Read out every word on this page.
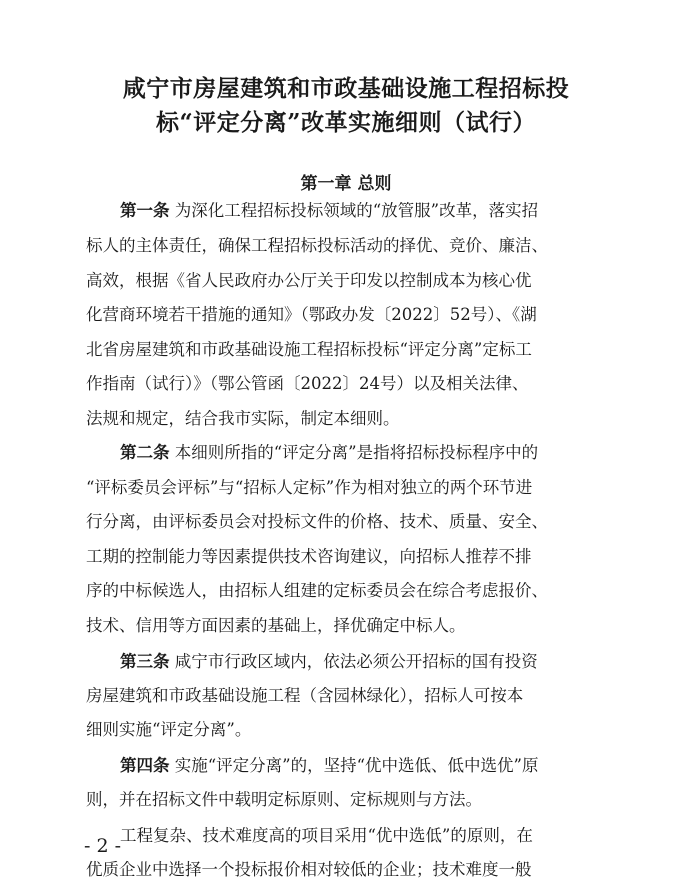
咸宁市房屋建筑和市政基础设施工程招标投
标“评定分离”改革实施细则（试行）
第一章 总则
第一条 为深化工程招标投标领域的“放管服”改革，落实招
标人的主体责任，确保工程招标投标活动的择优、竞价、廉洁、
高效，根据《省人民政府办公厅关于印发以控制成本为核心优
化营商环境若干措施的通知》（鄂政办发〔2022〕52号）、《湖
北省房屋建筑和市政基础设施工程招标投标“评定分离”定标工
作指南（试行）》（鄂公管函〔2022〕24号）以及相关法律、
法规和规定，结合我市实际，制定本细则。
第二条 本细则所指的“评定分离”是指将招标投标程序中的
“评标委员会评标”与“招标人定标”作为相对独立的两个环节进
行分离，由评标委员会对投标文件的价格、技术、质量、安全、
工期的控制能力等因素提供技术咨询建议，向招标人推荐不排
序的中标候选人，由招标人组建的定标委员会在综合考虑报价、
技术、信用等方面因素的基础上，择优确定中标人。
第三条 咸宁市行政区域内，依法必须公开招标的国有投资
房屋建筑和市政基础设施工程（含园林绿化），招标人可按本
细则实施“评定分离”。
第四条 实施“评定分离”的，坚持“优中选低、低中选优”原
则，并在招标文件中载明定标原则、定标规则与方法。
工程复杂、技术难度高的项目采用“优中选低”的原则，在
优质企业中选择一个投标报价相对较低的企业；技术难度一般
- 2 -
